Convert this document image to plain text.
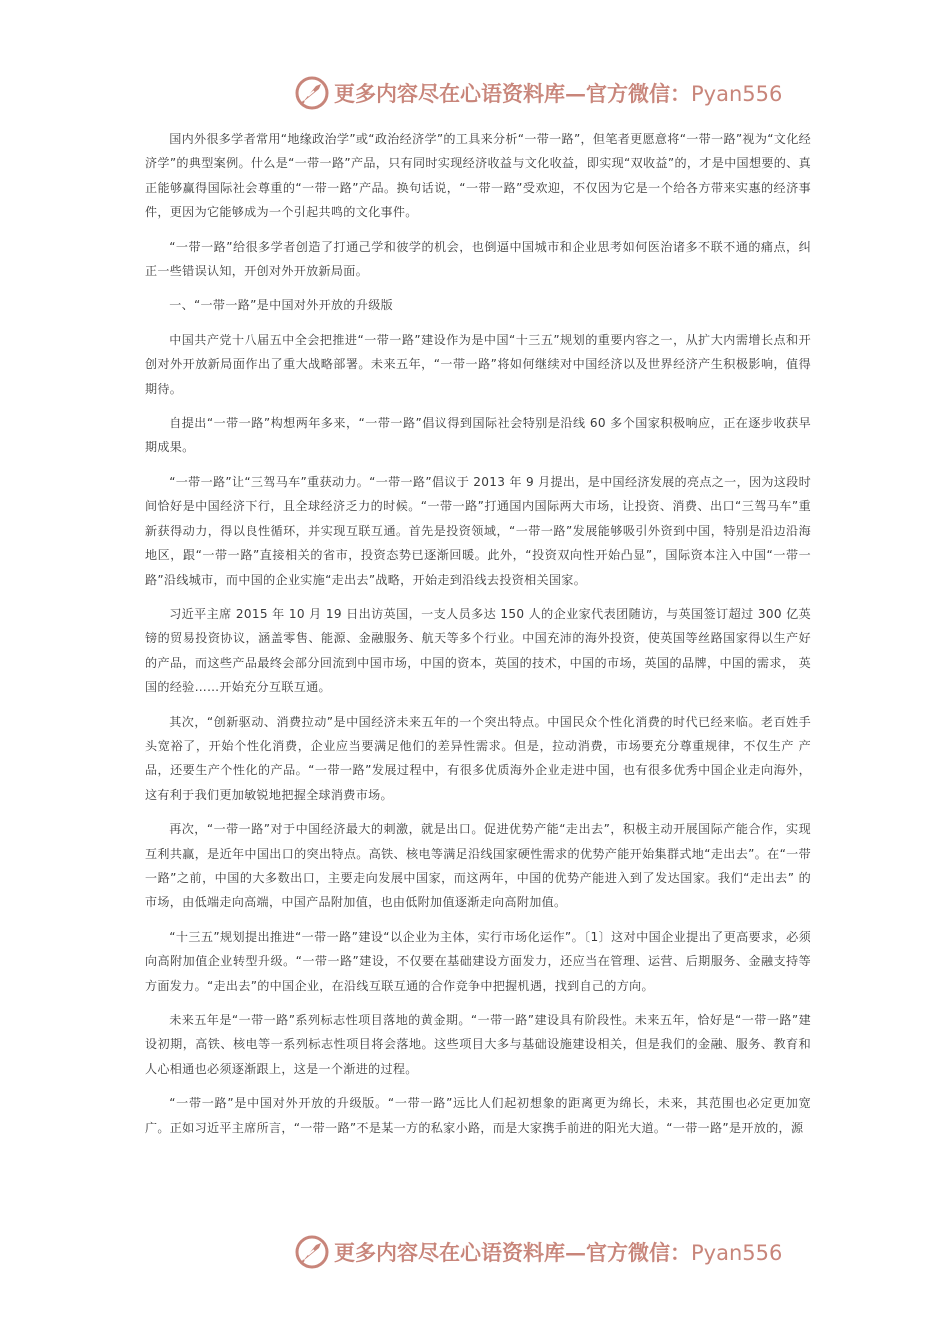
更多内容尽在心语资料库—官方微信：Pyan556

国内外很多学者常用“地缘政治学”或“政治经济学”的工具来分析“一带一路”，但笔者更愿意将“一带一路”视为“文化经济学”的典型案例。什么是“一带一路”产品，只有同时实现经济收益与文化收益，即实现“双收益”的，才是中国想要的、真正能够赢得国际社会尊重的“一带一路”产品。换句话说，“一带一路”受欢迎，不仅因为它是一个给各方带来实惠的经济事件，更因为它能够成为一个引起共鸣的文化事件。

“一带一路”给很多学者创造了打通己学和彼学的机会，也倒逼中国城市和企业思考如何医治诸多不联不通的痛点，纠正一些错误认知，开创对外开放新局面。

一、“一带一路”是中国对外开放的升级版

中国共产党十八届五中全会把推进“一带一路”建设作为是中国“十三五”规划的重要内容之一，从扩大内需增长点和开创对外开放新局面作出了重大战略部署。未来五年，“一带一路”将如何继续对中国经济以及世界经济产生积极影响，值得期待。

自提出“一带一路”构想两年多来，“一带一路”倡议得到国际社会特别是沿线 60 多个国家积极响应，正在逐步收获早期成果。

“一带一路”让“三驾马车”重获动力。“一带一路”倡议于 2013 年 9 月提出，是中国经济发展的亮点之一，因为这段时间恰好是中国经济下行，且全球经济乏力的时候。“一带一路”打通国内国际两大市场，让投资、消费、出口“三驾马车”重新获得动力，得以良性循环，并实现互联互通。首先是投资领域，“一带一路”发展能够吸引外资到中国，特别是沿边沿海地区，跟“一带一路”直接相关的省市，投资态势已逐渐回暖。此外，“投资双向性开始凸显”，国际资本注入中国“一带一路”沿线城市，而中国的企业实施“走出去”战略，开始走到沿线去投资相关国家。

习近平主席 2015 年 10 月 19 日出访英国，一支人员多达 150 人的企业家代表团随访，与英国签订超过 300 亿英镑的贸易投资协议，涵盖零售、能源、金融服务、航天等多个行业。中国充沛的海外投资，使英国等丝路国家得以生产好的产品，而这些产品最终会部分回流到中国市场，中国的资本，英国的技术，中国的市场，英国的品牌，中国的需求， 英国的经验……开始充分互联互通。

其次，“创新驱动、消费拉动”是中国经济未来五年的一个突出特点。中国民众个性化消费的时代已经来临。老百姓手头宽裕了，开始个性化消费，企业应当要满足他们的差异性需求。但是，拉动消费，市场要充分尊重规律，不仅生产 产品，还要生产个性化的产品。“一带一路”发展过程中，有很多优质海外企业走进中国，也有很多优秀中国企业走向海外，这有利于我们更加敏锐地把握全球消费市场。

再次，“一带一路”对于中国经济最大的刺激，就是出口。促进优势产能“走出去”，积极主动开展国际产能合作，实现互利共赢，是近年中国出口的突出特点。高铁、核电等满足沿线国家硬性需求的优势产能开始集群式地“走出去”。在“一带一路”之前，中国的大多数出口，主要走向发展中国家，而这两年，中国的优势产能进入到了发达国家。我们“走出去” 的市场，由低端走向高端，中国产品附加值，也由低附加值逐渐走向高附加值。

“十三五”规划提出推进“一带一路”建设“以企业为主体，实行市场化运作”。〔1〕这对中国企业提出了更高要求，必须向高附加值企业转型升级。“一带一路”建设，不仅要在基础建设方面发力，还应当在管理、运营、后期服务、金融支持等方面发力。“走出去”的中国企业，在沿线互联互通的合作竞争中把握机遇，找到自己的方向。

未来五年是“一带一路”系列标志性项目落地的黄金期。“一带一路”建设具有阶段性。未来五年，恰好是“一带一路”建设初期，高铁、核电等一系列标志性项目将会落地。这些项目大多与基础设施建设相关，但是我们的金融、服务、教育和人心相通也必须逐渐跟上，这是一个渐进的过程。

“一带一路”是中国对外开放的升级版。“一带一路”远比人们起初想象的距离更为绵长，未来，其范围也必定更加宽广。正如习近平主席所言，“一带一路”不是某一方的私家小路，而是大家携手前进的阳光大道。“一带一路”是开放的，源

更多内容尽在心语资料库—官方微信：Pyan556
